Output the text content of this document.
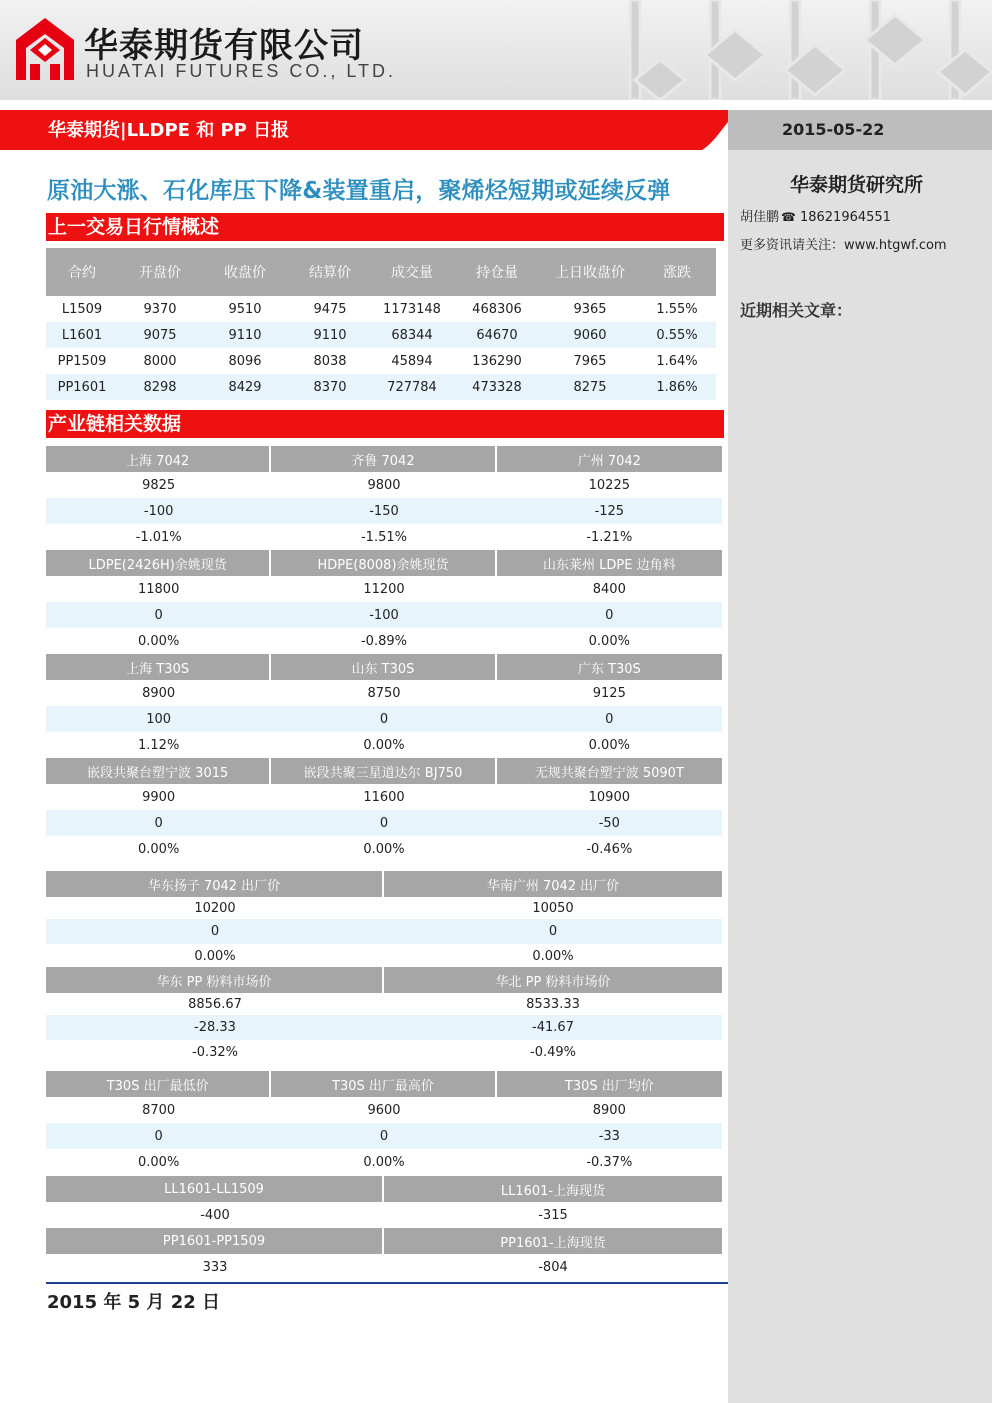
华泰期货有限公司
HUATAI FUTURES CO., LTD.
华泰期货|LLDPE 和 PP 日报	2015-05-22
华泰期货研究所
胡佳鹏 ☎ 18621964551
更多资讯请关注：www.htgwf.com
近期相关文章：
原油大涨、石化库压下降&装置重启，聚烯烃短期或延续反弹
上一交易日行情概述
产业链相关数据
合约	开盘价	收盘价	结算价	成交量	持仓量	上日收盘价	涨跌
L1509	9370	9510	9475	1173148	468306	9365	1.55%
L1601	9075	9110	9110	68344	64670	9060	0.55%
PP1509	8000	8096	8038	45894	136290	7965	1.64%
PP1601	8298	8429	8370	727784	473328	8275	1.86%
上海 7042	齐鲁 7042	广州 7042
9825	9800	10225
-100	-150	-125
-1.01%	-1.51%	-1.21%
LDPE(2426H)余姚现货	HDPE(8008)余姚现货	山东莱州 LDPE 边角料
11800	11200	8400
0	-100	0
0.00%	-0.89%	0.00%
上海 T30S	山东 T30S	广东 T30S
8900	8750	9125
100	0	0
1.12%	0.00%	0.00%
嵌段共聚台塑宁波 3015	嵌段共聚三星道达尔 BJ750	无规共聚台塑宁波 5090T
9900	11600	10900
0	0	-50
0.00%	0.00%	-0.46%
华东扬子 7042 出厂价	华南广州 7042 出厂价
10200	10050
0	0
0.00%	0.00%
华东 PP 粉料市场价	华北 PP 粉料市场价
8856.67	8533.33
-28.33	-41.67
-0.32%	-0.49%
T30S 出厂最低价	T30S 出厂最高价	T30S 出厂均价
8700	9600	8900
0	0	-33
0.00%	0.00%	-0.37%
LL1601-LL1509	LL1601-上海现货
-400	-315
PP1601-PP1509	PP1601-上海现货
333	-804
2015 年 5 月 22 日
